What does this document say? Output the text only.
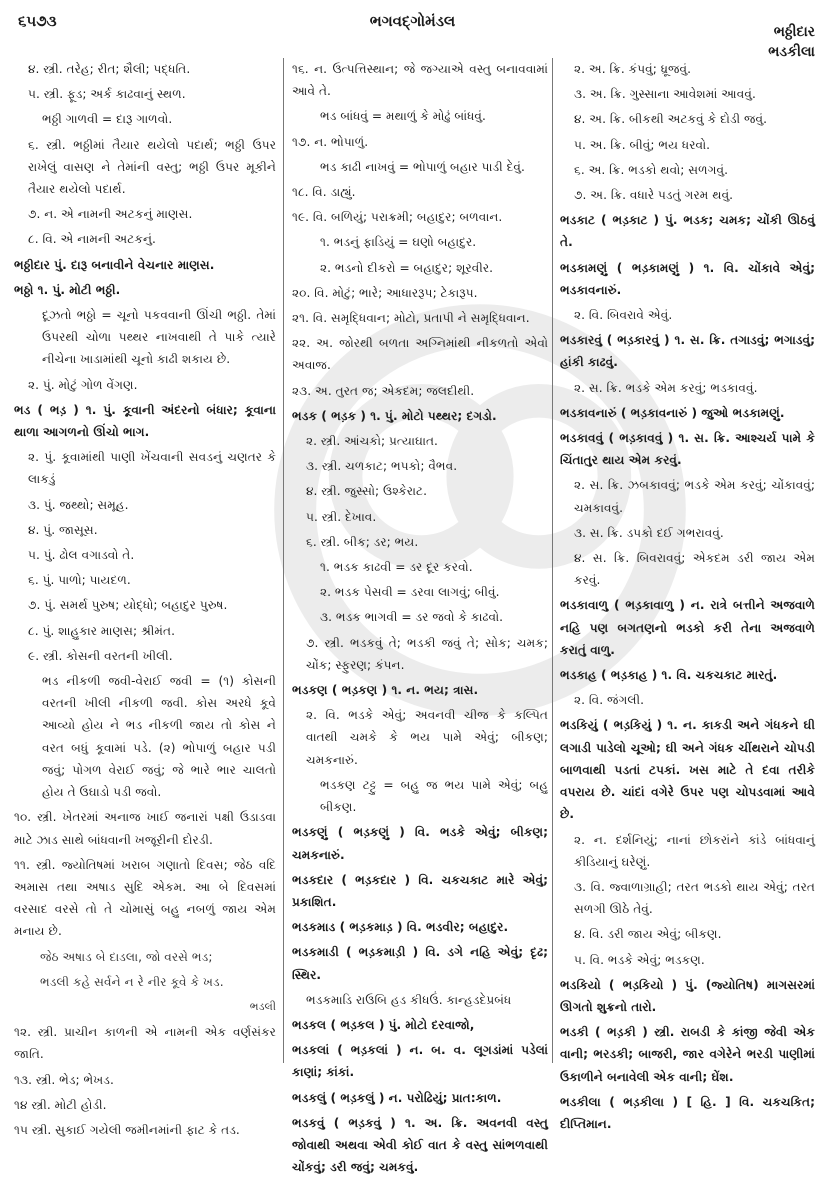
૬૫૭૩	ભગવદ્ગોમંડલ
ભઠ્ઠીદાર
ભડકીલા
૪. સ્ત્રી. તરેહ; રીત; શૈલી; પદ્ધતિ.
૫. સ્ત્રી. ફૂડ; અર્ક કાઢવાનું સ્થળ.
ભઠ્ઠી ગાળવી = દારૂ ગાળવો.
૬. સ્ત્રી. ભઠ્ઠીમાં તૈયાર થયેલો પદાર્થ; ભઠ્ઠી ઉપર રાખેલું વાસણ ને તેમાંની વસ્તુ; ભઠ્ઠી ઉપર મૂકીને તૈયાર થયેલો પદાર્થ.
૭. ન. એ નામની અટકનું માણસ.
૮. વિ. એ નામની અટકનું.
ભઠ્ઠીદાર પું. દારૂ બનાવીને વેચનાર માણસ.
ભઠ્ઠો ૧. પું. મોટી ભઠ્ઠી.
દૂઝતો ભઠ્ઠો = ચૂનો પકવવાની ઊંચી ભઠ્ઠી. તેમાં ઉપરથી ચોળા પથ્થર નાખવાથી તે પાકે ત્યારે નીચેના ખાડામાંથી ચૂનો કાઢી શકાય છે.
૨. પું. મોટું ગોળ વેંગણ.
ભડ ( ભડ઼ ) ૧. પું. કૂવાની અંદરનો બંધાર; કૂવાના થાળા આગળનો ઊંચો ભાગ.
૨. પું. કૂવામાંથી પાણી ખેંચવાની સવડનું ચણતર કે લાકડું
૩. પું. જથ્થો; સમૂહ.
૪. પું. જાસૂસ.
૫. પું. ઢોલ વગાડવો તે.
૬. પું. પાળો; પાયદળ.
૭. પું. સમર્થ પુરુષ; યોદ્ધો; બહાદુર પુરુષ.
૮. પું. શાહુકાર માણસ; શ્રીમંત.
૯. સ્ત્રી. કોસની વરતની ખીલી.
ભડ નીકળી જવી-વેરાઈ જવી = (૧) કોસની વરતની ખીલી નીકળી જવી. કોસ અરધે કૂવે આવ્યો હોય ને ભડ નીકળી જાય તો કોસ ને વરત બધું કૂવામાં પડે. (૨) ભોપાળું બહાર પડી જવું; પોગળ વેરાઈ જવું; જે ભારે ભાર ચાલતો હોય તે ઉઘાડો પડી જવો.
૧૦. સ્ત્રી. ખેતરમાં અનાજ ખાઈ જનારાં પક્ષી ઉડાડવા માટે ઝાડ સાથે બાંધવાની ખજૂરીની દોરડી.
૧૧. સ્ત્રી. જ્યોતિષમાં ખરાબ ગણાતો દિવસ; જેઠ વદિ અમાસ તથા અષાડ સુદિ એકમ. આ બે દિવસમાં વરસાદ વરસે તો તે ચોમાસું બહુ નબળું જાય એમ મનાય છે.
જેઠ અષાડ બે દાડલા, જો વરસે ભડ;
ભડલી કહે સર્વને ન રે નીર કૂવે કે ખડ.
ભડલી
૧૨. સ્ત્રી. પ્રાચીન કાળની એ નામની એક વર્ણસંકર જાતિ.
૧૩. સ્ત્રી. ભેડ; ભેખડ.
૧૪ સ્ત્રી. મોટી હોડી.
૧૫ સ્ત્રી. સુકાઈ ગયેલી જમીનમાંની ફાટ કે તડ.
૧૬. ન. ઉત્પત્તિસ્થાન; જે જગ્યાએ વસ્તુ બનાવવામાં આવે તે.
ભડ બાંધવું = મથાળું કે મોઢું બાંધવું.
૧૭. ન. ભોપાળું.
ભડ કાઢી નાખવું = ભોપાળું બહાર પાડી દેવું.
૧૮. વિ. ડાહ્યું.
૧૯. વિ. બળિયું; પરાક્રમી; બહાદુર; બળવાન.
૧. ભડનું ફાડિયું = ઘણો બહાદુર.
૨. ભડનો દીકરો = બહાદુર; શૂરવીર.
૨૦. વિ. મોટું; ભારે; આધારરૂપ; ટેકારૂપ.
૨૧. વિ. સમૃદ્ધિવાન; મોટો, પ્રતાપી ને સમૃદ્ધિવાન.
૨૨. અ. જોરથી બળતા અગ્નિમાંથી નીકળતો એવો અવાજ.
૨૩. અ. તુરત જ; એકદમ; જલદીથી.
ભડક ( ભડ઼ક ) ૧. પું. મોટો પથ્થર; દગડો.
૨. સ્ત્રી. આંચકો; પ્રત્યાઘાત.
૩. સ્ત્રી. ચળકાટ; ભપકો; વૈભવ.
૪. સ્ત્રી. જુસ્સો; ઉશ્કેરાટ.
૫. સ્ત્રી. દેખાવ.
૬. સ્ત્રી. બીક; ડર; ભય.
૧. ભડક કાઢવી = ડર દૂર કરવો.
૨. ભડક પેસવી = ડરવા લાગવું; બીવું.
૩. ભડક ભાગવી = ડર જવો કે કાઢવો.
૭. સ્ત્રી. ભડકવું તે; ભડકી જવું તે; સોક; ચમક; ચોંક; સ્ફુરણ; કંપન.
ભડકણ ( ભડ઼કણ ) ૧. ન. ભય; ત્રાસ.
૨. વિ. ભડકે એવું; અવનવી ચીજ કે કલ્પિત વાતથી ચમકે કે ભય પામે એવું; બીકણ; ચમકનારું.
ભડકણ ટટ્ટુ = બહુ જ ભય પામે એવું; બહુ બીકણ.
ભડકણું ( ભડ઼કણું ) વિ. ભડકે એવું; બીકણ; ચમકનારું.
ભડકદાર ( ભડ઼કદાર ) વિ. ચકચકાટ મારે એવું; પ્રકાશિત.
ભડકમાડ ( ભડ઼કમાડ઼ ) વિ. ભડવીર; બહાદુર.
ભડકમાડી ( ભડ઼કમાડ઼ી ) વિ. ડગે નહિ એવું; દૃઢ; સ્થિર.
ભડકમાડિ રાઉબિ હડ કીધઉં. કાન્હડદેપ્રબંધ
ભડકલ ( ભડ઼કલ ) પું. મોટો દરવાજો,
ભડકલાં ( ભડ઼કલાં ) ન. બ. વ. લૂગડાંમાં પડેલાં કાણાં; કાંકાં.
ભડકલું ( ભડ઼કલું ) ન. પરોઢિયું; પ્રાત:કાળ.
ભડકવું ( ભડ઼કવું ) ૧. અ. ક્રિ. અવનવી વસ્તુ જોવાથી અથવા એવી કોઈ વાત કે વસ્તુ સાંભળવાથી ચોંકવું; ડરી જવું; ચમકવું.
૨. અ. ક્રિ. કંપવું; ધ્રૂજવું.
૩. અ. ક્રિ. ગુસ્સાના આવેશમાં આવવું.
૪. અ. ક્રિ. બીકથી અટકવું કે દોડી જવું.
૫. અ. ક્રિ. બીવું; ભય ધરવો.
૬. અ. ક્રિ. ભડકો થવો; સળગવું.
૭. અ. ક્રિ. વધારે પડતું ગરમ થવું.
ભડકાટ ( ભડ઼કાટ ) પું. ભડક; ચમક; ચોંકી ઊઠવું તે.
ભડકામણું ( ભડ઼કામણું ) ૧. વિ. ચોંકાવે એવું; ભડકાવનારું.
૨. વિ. બિવરાવે એવું.
ભડકારવું ( ભડ઼કારવું ) ૧. સ. ક્રિ. તગાડવું; ભગાડવું; હાંકી કાઢવું.
૨. સ. ક્રિ. ભડકે એમ કરવું; ભડકાવવું.
ભડકાવનારું ( ભડ઼કાવનારું ) જુઓ ભડકામણું.
ભડકાવવું ( ભડ઼કાવવું ) ૧. સ. ક્રિ. આશ્ચર્ય પામે કે ચિંતાતુર થાય એમ કરવું.
૨. સ. ક્રિ. ઝબકાવવું; ભડકે એમ કરવું; ચોંકાવવું; ચમકાવવું.
૩. સ. ક્રિ. ડપકો દઈ ગભરાવવું.
૪. સ. ક્રિ. બિવરાવવું; એકદમ ડરી જાય એમ કરવું.
ભડકાવાળુ ( ભડ઼કાવાળુ ) ન. રાત્રે બત્તીને અજવાળે નહિ પણ બગતણનો ભડકો કરી તેના અજવાળે કરાતું વાળુ.
ભડકાહ ( ભડ઼કાહ ) ૧. વિ. ચકચકાટ મારતું.
૨. વિ. જંગલી.
ભડકિયું ( ભડ઼કિયું ) ૧. ન. કાકડી અને ગંધકને ઘી લગાડી પાડેલો ચૂઓ; ઘી અને ગંધક ચીંથરાને ચોપડી બાળવાથી પડતાં ટપકાં. ખસ માટે તે દવા તરીકે વપરાય છે. ચાંદાં વગેરે ઉપર પણ ચોપડવામાં આવે છે.
૨. ન. દર્શનિયું; નાનાં છોકરાંને કાંડે બાંધવાનું કીડિયાનું ઘરેણું.
૩. વિ. જ્વાળાગ્રાહી; તરત ભડકો થાય એવું; તરત સળગી ઊઠે તેવું.
૪. વિ. ડરી જાય એવું; બીકણ.
૫. વિ. ભડકે એવું; ભડકણ.
ભડકિયો ( ભડ઼કિયો ) પું. (જ્યોતિષ) માગસરમાં ઊગતો શુક્રનો તારો.
ભડકી ( ભડ઼કી ) સ્ત્રી. રાબડી કે કાંજી જેવી એક વાની; ભરડકી; બાજરી, જાર વગેરેને ભરડી પાણીમાં ઉકાળીને બનાવેલી એક વાની; ઘેંશ.
ભડકીલા ( ભડ઼કીલા ) [ હિ. ] વિ. ચકચકિત; દીપ્તિમાન.
